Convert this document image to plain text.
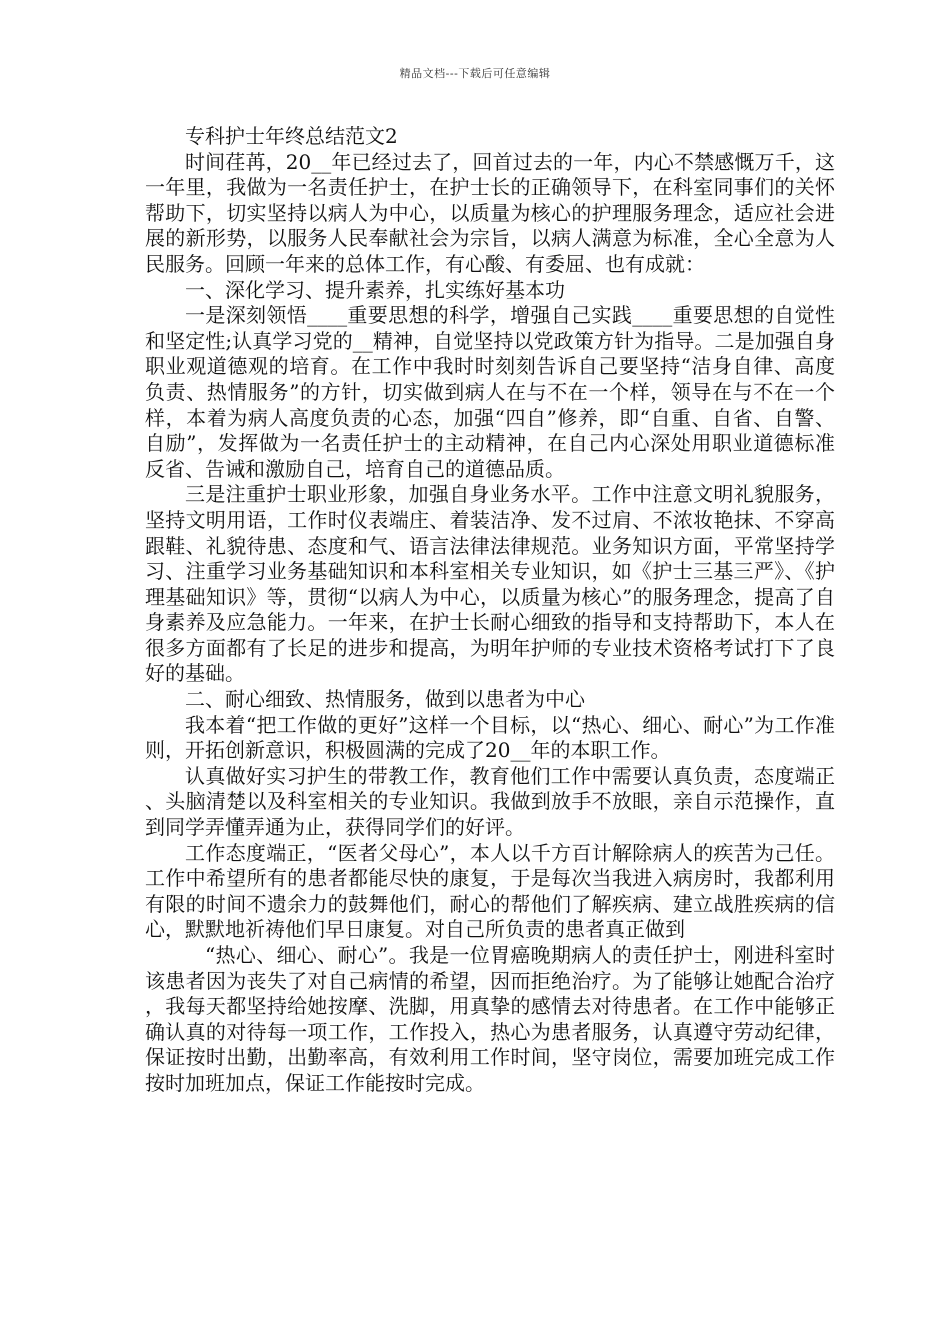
精品文档---下载后可任意编辑

专科护士年终总结范文2

时间荏苒，20__年已经过去了，回首过去的一年，内心不禁感慨万千，这一年里，我做为一名责任护士，在护士长的正确领导下，在科室同事们的关怀帮助下，切实坚持以病人为中心，以质量为核心的护理服务理念，适应社会进展的新形势，以服务人民奉献社会为宗旨，以病人满意为标准，全心全意为人民服务。回顾一年来的总体工作，有心酸、有委屈、也有成就：

一、深化学习、提升素养，扎实练好基本功

一是深刻领悟____重要思想的科学，增强自己实践____重要思想的自觉性和坚定性;认真学习党的__精神，自觉坚持以党政策方针为指导。二是加强自身职业观道德观的培育。在工作中我时时刻刻告诉自己要坚持“洁身自律、高度负责、热情服务”的方针，切实做到病人在与不在一个样，领导在与不在一个样，本着为病人高度负责的心态，加强“四自”修养，即“自重、自省、自警、自励”，发挥做为一名责任护士的主动精神，在自己内心深处用职业道德标准反省、告诫和激励自己，培育自己的道德品质。

三是注重护士职业形象，加强自身业务水平。工作中注意文明礼貌服务，坚持文明用语，工作时仪表端庄、着装洁净、发不过肩、不浓妆艳抹、不穿高跟鞋、礼貌待患、态度和气、语言法律法律规范。业务知识方面，平常坚持学习、注重学习业务基础知识和本科室相关专业知识，如《护士三基三严》、《护理基础知识》等，贯彻“以病人为中心，以质量为核心”的服务理念，提高了自身素养及应急能力。一年来，在护士长耐心细致的指导和支持帮助下，本人在很多方面都有了长足的进步和提高，为明年护师的专业技术资格考试打下了良好的基础。

二、耐心细致、热情服务，做到以患者为中心

我本着“把工作做的更好”这样一个目标，以“热心、细心、耐心”为工作准则，开拓创新意识，积极圆满的完成了20__年的本职工作。

认真做好实习护生的带教工作，教育他们工作中需要认真负责，态度端正、头脑清楚以及科室相关的专业知识。我做到放手不放眼，亲自示范操作，直到同学弄懂弄通为止，获得同学们的好评。

工作态度端正，“医者父母心”，本人以千方百计解除病人的疾苦为己任。工作中希望所有的患者都能尽快的康复，于是每次当我进入病房时，我都利用有限的时间不遗余力的鼓舞他们，耐心的帮他们了解疾病、建立战胜疾病的信心，默默地祈祷他们早日康复。对自己所负责的患者真正做到

“热心、细心、耐心”。我是一位胃癌晚期病人的责任护士，刚进科室时该患者因为丧失了对自己病情的希望，因而拒绝治疗。为了能够让她配合治疗，我每天都坚持给她按摩、洗脚，用真挚的感情去对待患者。在工作中能够正确认真的对待每一项工作，工作投入，热心为患者服务，认真遵守劳动纪律，保证按时出勤，出勤率高，有效利用工作时间，坚守岗位，需要加班完成工作按时加班加点，保证工作能按时完成。
